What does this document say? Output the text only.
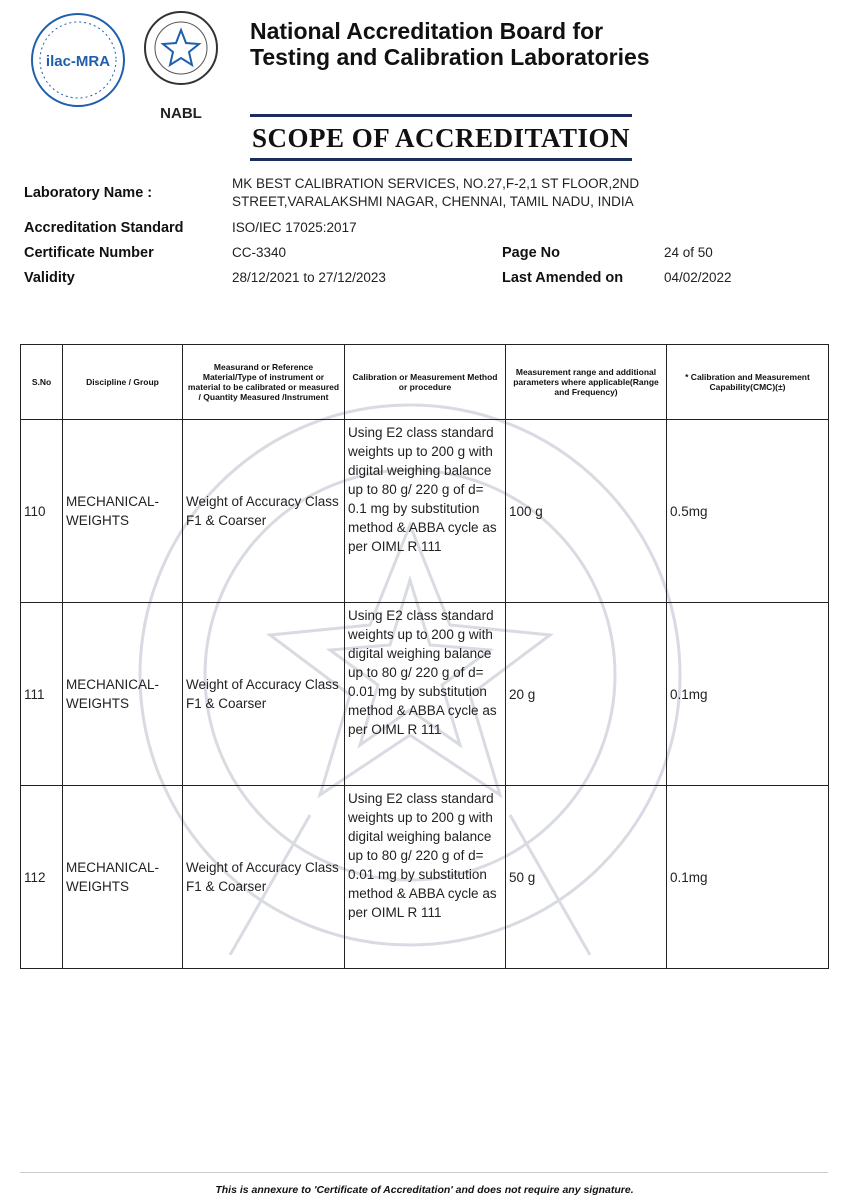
ilac-MRA
NABL
National Accreditation Board for
Testing and Calibration Laboratories
SCOPE OF ACCREDITATION
Laboratory Name :
MK BEST CALIBRATION SERVICES, NO.27,F-2,1 ST FLOOR,2ND
STREET,VARALAKSHMI NAGAR, CHENNAI, TAMIL NADU, INDIA
Accreditation Standard	ISO/IEC 17025:2017
Certificate Number	CC-3340	Page No	24 of 50
Validity	28/12/2021 to 27/12/2023	Last Amended on	04/02/2022
S.No	Discipline / Group	Measurand or Reference Material/Type of instrument or material to be calibrated or measured / Quantity Measured /Instrument	Calibration or Measurement Method or procedure	Measurement range and additional parameters where applicable(Range and Frequency)	* Calibration and Measurement Capability(CMC)(±)
110	MECHANICAL-WEIGHTS	Weight of Accuracy Class F1 & Coarser	Using E2 class standard weights up to 200 g with digital weighing balance up to 80 g/ 220 g of d= 0.1 mg by substitution method & ABBA cycle as per OIML R 111	100 g	0.5mg
111	MECHANICAL-WEIGHTS	Weight of Accuracy Class F1 & Coarser	Using E2 class standard weights up to 200 g with digital weighing balance up to 80 g/ 220 g of d= 0.01 mg by substitution method & ABBA cycle as per OIML R 111	20 g	0.1mg
112	MECHANICAL-WEIGHTS	Weight of Accuracy Class F1 & Coarser	Using E2 class standard weights up to 200 g with digital weighing balance up to 80 g/ 220 g of d= 0.01 mg by substitution method & ABBA cycle as per OIML R 111	50 g	0.1mg
This is annexure to 'Certificate of Accreditation' and does not require any signature.
